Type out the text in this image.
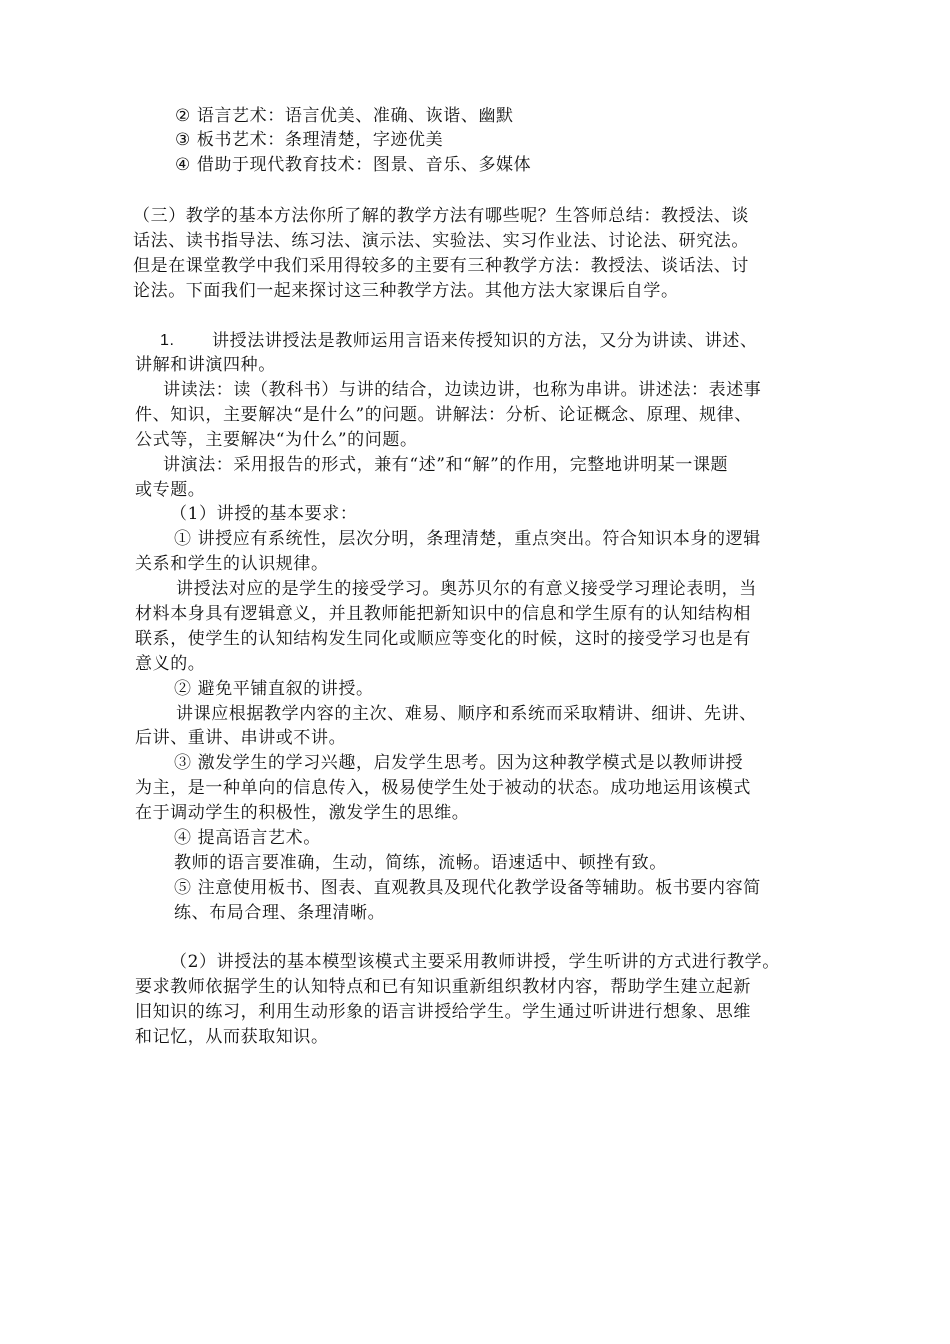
② 语言艺术：语言优美、准确、诙谐、幽默
③ 板书艺术：条理清楚，字迹优美
④ 借助于现代教育技术：图景、音乐、多媒体
（三）教学的基本方法你所了解的教学方法有哪些呢？生答师总结：教授法、谈
话法、读书指导法、练习法、演示法、实验法、实习作业法、讨论法、研究法。
但是在课堂教学中我们采用得较多的主要有三种教学方法：教授法、谈话法、讨
论法。下面我们一起来探讨这三种教学方法。其他方法大家课后自学。
1. 讲授法讲授法是教师运用言语来传授知识的方法，又分为讲读、讲述、
讲解和讲演四种。
讲读法：读（教科书）与讲的结合，边读边讲，也称为串讲。讲述法：表述事
件、知识，主要解决“是什么”的问题。讲解法：分析、论证概念、原理、规律、
公式等，主要解决“为什么”的问题。
讲演法：采用报告的形式，兼有“述”和“解”的作用，完整地讲明某一课题
或专题。
（1）讲授的基本要求：
① 讲授应有系统性，层次分明，条理清楚，重点突出。符合知识本身的逻辑
关系和学生的认识规律。
讲授法对应的是学生的接受学习。奥苏贝尔的有意义接受学习理论表明，当
材料本身具有逻辑意义，并且教师能把新知识中的信息和学生原有的认知结构相
联系，使学生的认知结构发生同化或顺应等变化的时候，这时的接受学习也是有
意义的。
② 避免平铺直叙的讲授。
讲课应根据教学内容的主次、难易、顺序和系统而采取精讲、细讲、先讲、
后讲、重讲、串讲或不讲。
③ 激发学生的学习兴趣，启发学生思考。因为这种教学模式是以教师讲授
为主，是一种单向的信息传入，极易使学生处于被动的状态。成功地运用该模式
在于调动学生的积极性，激发学生的思维。
④ 提高语言艺术。
教师的语言要准确，生动，简练，流畅。语速适中、顿挫有致。
⑤ 注意使用板书、图表、直观教具及现代化教学设备等辅助。板书要内容简
练、布局合理、条理清晰。
（2）讲授法的基本模型该模式主要采用教师讲授，学生听讲的方式进行教学。
要求教师依据学生的认知特点和已有知识重新组织教材内容，帮助学生建立起新
旧知识的练习，利用生动形象的语言讲授给学生。学生通过听讲进行想象、思维
和记忆，从而获取知识。
